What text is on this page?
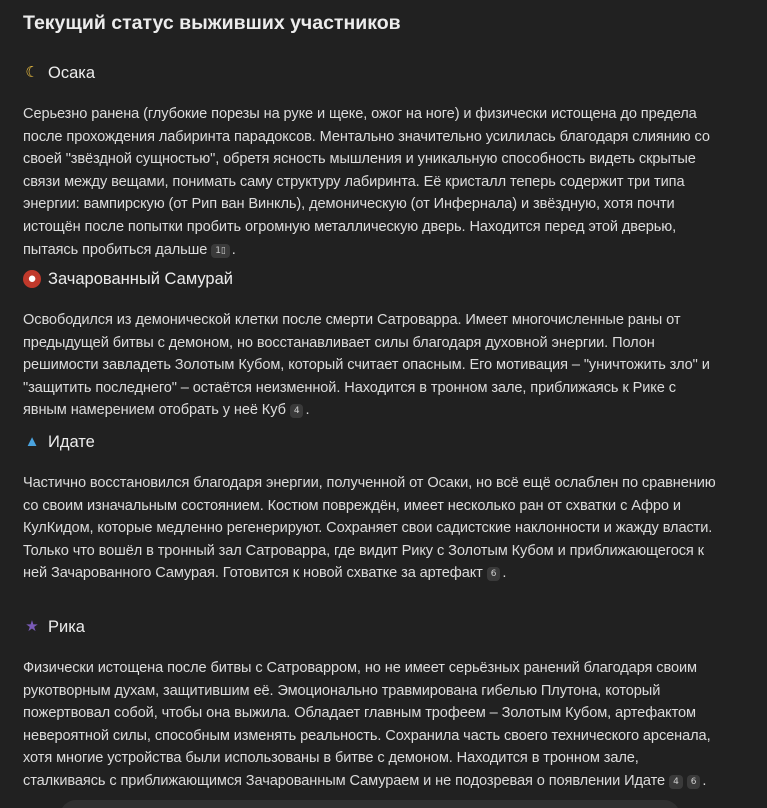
Текущий статус выживших участников
☾ Осака

Серьезно ранена (глубокие порезы на руке и щеке, ожог на ноге) и физически истощена до предела после прохождения лабиринта парадоксов. Ментально значительно усилилась благодаря слиянию со своей "звёздной сущностью", обретя ясность мышления и уникальную способность видеть скрытые связи между вещами, понимать саму структуру лабиринта. Её кристалл теперь содержит три типа энергии: вампирскую (от Рип ван Винкль), демоническую (от Инфернала) и звёздную, хотя почти истощён после попытки пробить огромную металлическую дверь. Находится перед этой дверью, пытаясь пробиться дальше 1▯ .

● Зачарованный Самурай

Освободился из демонической клетки после смерти Сатроварра. Имеет многочисленные раны от предыдущей битвы с демоном, но восстанавливает силы благодаря духовной энергии. Полон решимости завладеть Золотым Кубом, который считает опасным. Его мотивация – "уничтожить зло" и "защитить последнего" – остаётся неизменной. Находится в тронном зале, приближаясь к Рике с явным намерением отобрать у неё Куб 4 .

▲ Идате

Частично восстановился благодаря энергии, полученной от Осаки, но всё ещё ослаблен по сравнению со своим изначальным состоянием. Костюм повреждён, имеет несколько ран от схватки с Афро и КулКидом, которые медленно регенерируют. Сохраняет свои садистские наклонности и жажду власти. Только что вошёл в тронный зал Сатроварра, где видит Рику с Золотым Кубом и приближающегося к ней Зачарованного Самурая. Готовится к новой схватке за артефакт 6 .

★ Рика

Физически истощена после битвы с Сатроварром, но не имеет серьёзных ранений благодаря своим рукотворным духам, защитившим её. Эмоционально травмирована гибелью Плутона, который пожертвовал собой, чтобы она выжила. Обладает главным трофеем – Золотым Кубом, артефактом невероятной силы, способным изменять реальность. Сохранила часть своего технического арсенала, хотя многие устройства были использованы в битве с демоном. Находится в тронном зале, сталкиваясь с приближающимся Зачарованным Самураем и не подозревая о появлении Идате 4 6 .
